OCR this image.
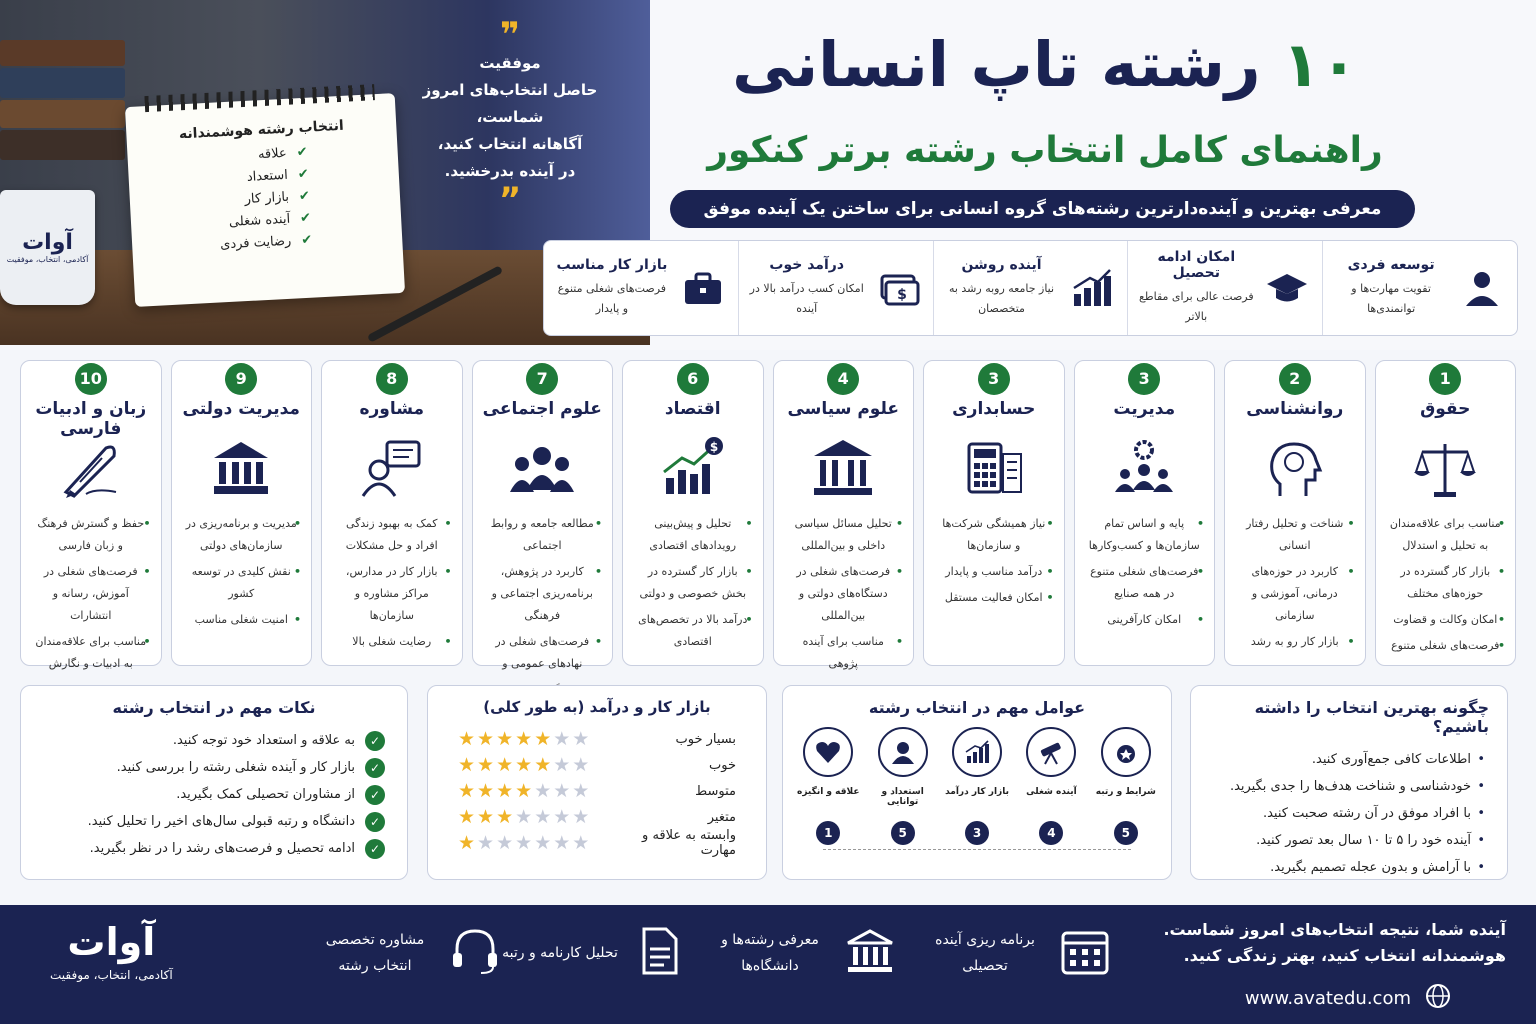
انتخاب رشته هوشمندانه
✔علاقه
✔استعداد
✔بازار کار
✔آینده شغلی
✔رضایت فردی
آوات
آکادمی، انتخاب، موفقیت
❞

موفقیت

حاصل انتخاب‌های امروز شماست،

آگاهانه انتخاب کنید،

در آینده بدرخشید.

”
۱۰ رشته تاپ انسانی
راهنمای کامل انتخاب رشته برتر کنکور
معرفی بهترین و آینده‌دارترین رشته‌های گروه انسانی برای ساختن یک آینده موفق
توسعه فردی
تقویت مهارت‌ها و توانمندی‌ها
امکان ادامه تحصیل
فرصت عالی برای مقاطع بالاتر
آینده روشن
نیاز جامعه روبه رشد به متخصصان
$
درآمد خوب
امکان کسب درآمد بالا در آینده
بازار کار مناسب
فرصت‌های شغلی متنوع و پایدار
1
حقوق
• مناسب برای علاقه‌مندان به تحلیل و استدلال
• بازار کار گسترده در حوزه‌های مختلف
• امکان وکالت و قضاوت
• فرصت‌های شغلی متنوع
2
روانشناسی
• شناخت و تحلیل رفتار انسانی
• کاربرد در حوزه‌های درمانی، آموزشی و سازمانی
• بازار کار رو به رشد
3
مدیریت
• پایه و اساس تمام سازمان‌ها و کسب‌وکارها
• فرصت‌های شغلی متنوع در همه صنایع
• امکان کارآفرینی
3
حسابداری
• نیاز همیشگی شرکت‌ها و سازمان‌ها
• درآمد مناسب و پایدار
• امکان فعالیت مستقل
4
علوم سیاسی
• تحلیل مسائل سیاسی داخلی و بین‌المللی
• فرصت‌های شغلی در دستگاه‌های دولتی و بین‌المللی
• مناسب برای آینده پژوهی
6
اقتصاد
$
• تحلیل و پیش‌بینی رویدادهای اقتصادی
• بازار کار گسترده در بخش خصوصی و دولتی
• درآمد بالا در تخصص‌های اقتصادی
7
علوم اجتماعی
• مطالعه جامعه و روابط اجتماعی
• کاربرد در پژوهش، برنامه‌ریزی اجتماعی و فرهنگی
• فرصت‌های شغلی در نهادهای عمومی و
8
مشاوره
• کمک به بهبود زندگی افراد و حل مشکلات
• بازار کار در مدارس، مراکز مشاوره و سازمان‌ها
• رضایت شغلی بالا
9
مدیریت دولتی
• مدیریت و برنامه‌ریزی در سازمان‌های دولتی
• نقش کلیدی در توسعه کشور
• امنیت شغلی مناسب
10
زبان و ادبیات فارسی
• حفظ و گسترش فرهنگ و زبان فارسی
• فرصت‌های شغلی در آموزش، رسانه و انتشارات
• مناسب برای علاقه‌مندان به ادبیات و نگارش
چگونه بهترین انتخاب را داشته باشیم؟
• اطلاعات کافی جمع‌آوری کنید.
• خودشناسی و شناخت هدف‌ها را جدی بگیرید.
• با افراد موفق در آن رشته صحبت کنید.
• آینده خود را ۵ تا ۱۰ سال بعد تصور کنید.
• با آرامش و بدون عجله تصمیم بگیرید.
عوامل مهم در انتخاب رشته
شرایط و رتبه
5
آینده شغلی
4
بازار کار درآمد
3
استعداد و توانایی
5
علاقه و انگیزه
1
بازار کار و درآمد (به طور کلی)
بسیار خوب
★★★★★★★
خوب
★★★★★★★
متوسط
★★★★★★★
متغیر
★★★★★★★
وابسته به علاقه و مهارت
★★★★★★★
نکات مهم در انتخاب رشته
✓
به علاقه و استعداد خود توجه کنید.
✓
بازار کار و آینده شغلی رشته را بررسی کنید.
✓
از مشاوران تحصیلی کمک بگیرید.
✓
دانشگاه و رتبه قبولی سال‌های اخیر را تحلیل کنید.
✓
ادامه تحصیل و فرصت‌های رشد را در نظر بگیرید.
آینده شما، نتیجه انتخاب‌های امروز شماست.
هوشمندانه انتخاب کنید، بهتر زندگی کنید.
www.avatedu.com
برنامه ریزی آینده تحصیلی
معرفی رشته‌ها و دانشگاه‌ها
تحلیل کارنامه و رتبه
مشاوره تخصصی انتخاب رشته
آوات
آکادمی، انتخاب، موفقیت
